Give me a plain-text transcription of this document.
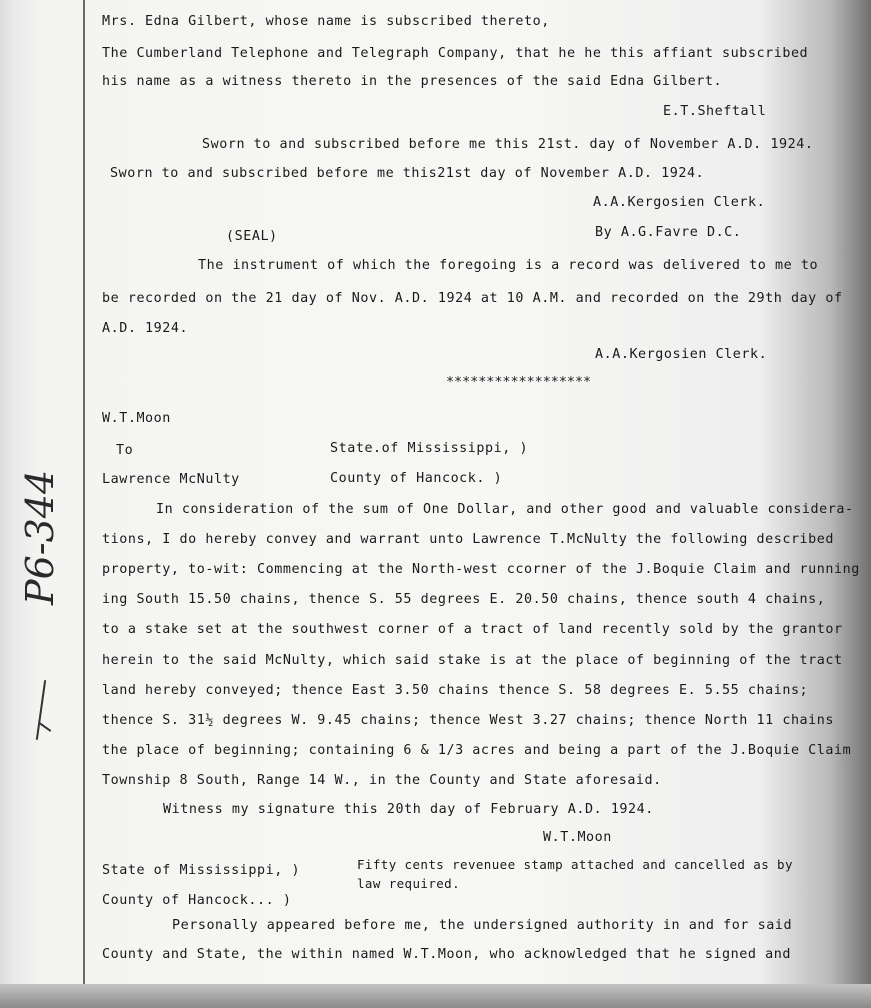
P6-344
Mrs. Edna Gilbert, whose name is subscribed thereto,
The Cumberland Telephone and Telegraph Company, that he he this affiant subscribed
his name as a witness thereto in the presences of the said Edna Gilbert.
E.T.Sheftall
Sworn to and subscribed before me this 21st. day of November A.D. 1924.
Sworn to and subscribed before me this21st day of November A.D. 1924.
A.A.Kergosien Clerk.
(SEAL)	By A.G.Favre D.C.
The instrument of which the foregoing is a record was delivered to me to
be recorded on the 21 day of Nov. A.D. 1924 at 10 A.M. and recorded on the 29th day of
A.D. 1924.
A.A.Kergosien Clerk.
******************
W.T.Moon
To	State.of Mississippi, )
Lawrence McNulty	County of Hancock. )
In consideration of the sum of One Dollar, and other good and valuable considera-
tions, I do hereby convey and warrant unto Lawrence T.McNulty the following described
property, to-wit: Commencing at the North-west ccorner of the J.Boquie Claim and running
ing South 15.50 chains, thence S. 55 degrees E. 20.50 chains, thence south 4 chains,
to a stake set at the southwest corner of a tract of land recently sold by the grantor
herein to the said McNulty, which said stake is at the place of beginning of the tract
land hereby conveyed; thence East 3.50 chains thence S. 58 degrees E. 5.55 chains;
thence S. 31½ degrees W. 9.45 chains; thence West 3.27 chains; thence North 11 chains
the place of beginning; containing 6 & 1/3 acres and being a part of the J.Boquie Claim
Township 8 South, Range 14 W., in the County and State aforesaid.
Witness my signature this 20th day of February A.D. 1924.
W.T.Moon
State of Mississippi, )	Fifty cents revenuee stamp attached and cancelled as by
law required.
County of Hancock... )
Personally appeared before me, the undersigned authority in and for said
County and State, the within named W.T.Moon, who acknowledged that he signed and
